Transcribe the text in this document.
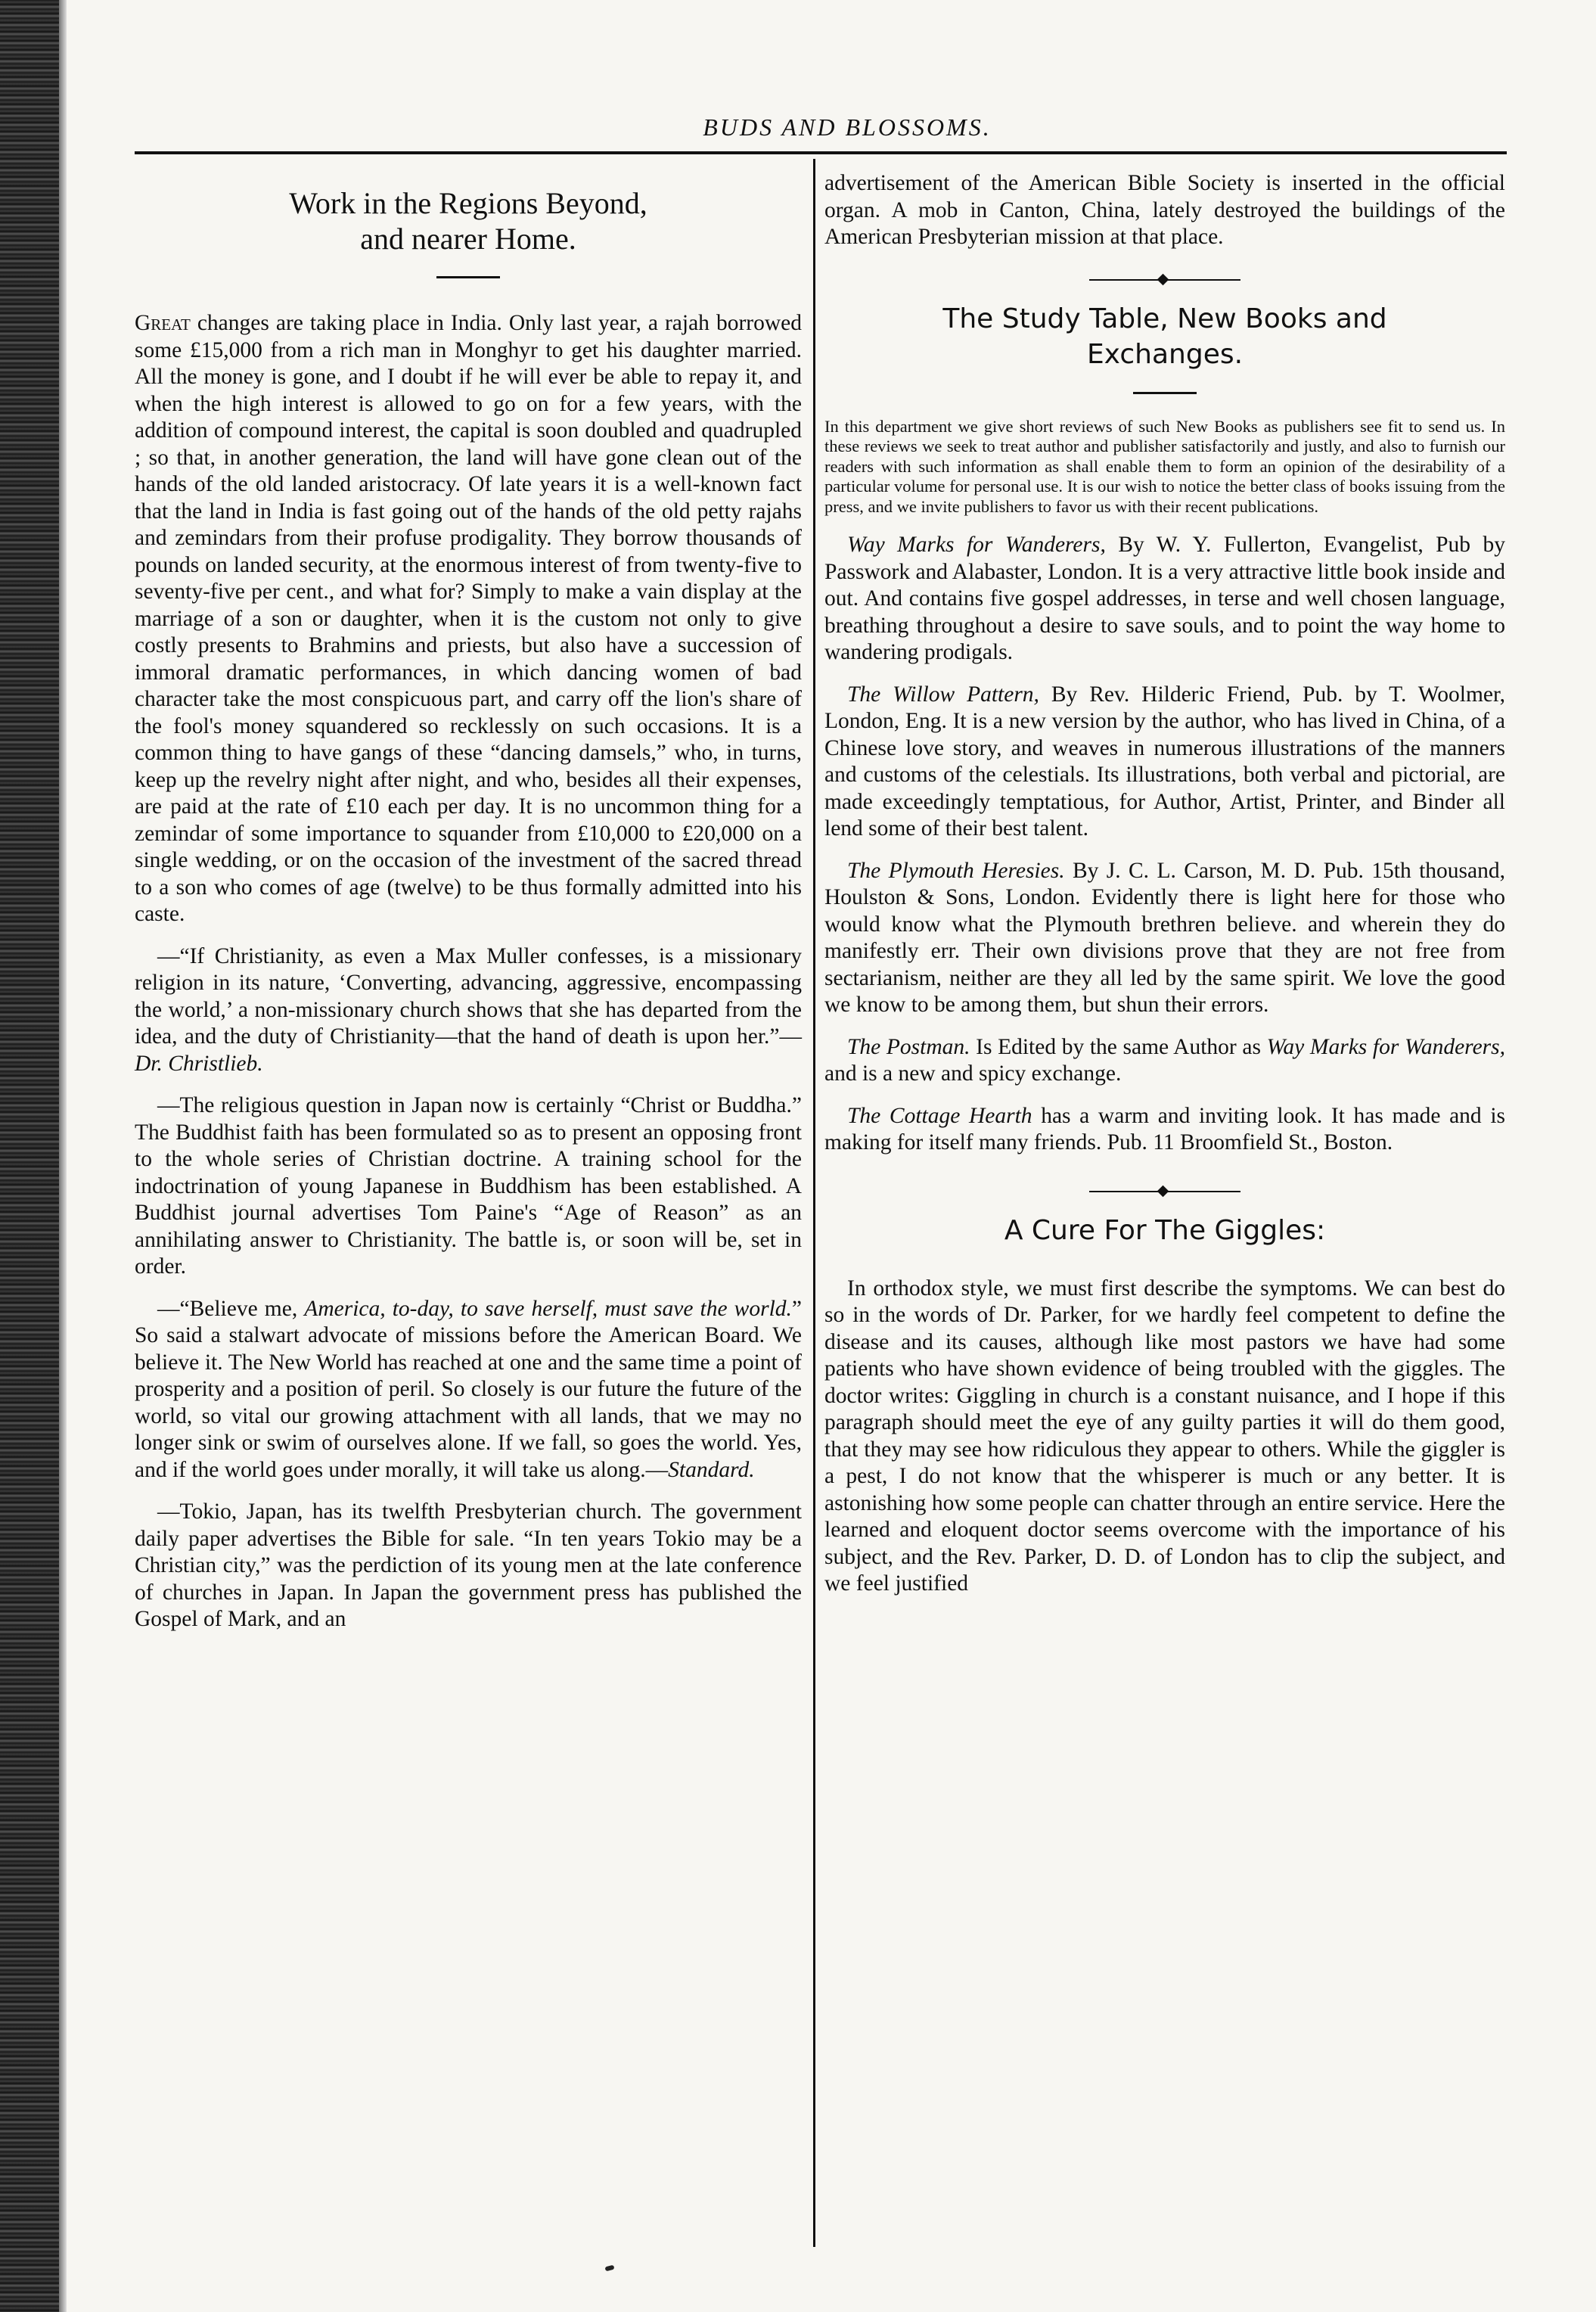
BUDS AND BLOSSOMS.
Work in the Regions Beyond,
and nearer Home.

Great changes are taking place in India. Only last year, a rajah borrowed some £15,000 from a rich man in Monghyr to get his daughter married. All the money is gone, and I doubt if he will ever be able to repay it, and when the high interest is allowed to go on for a few years, with the addition of compound interest, the capital is soon doubled and quadrupled ; so that, in another generation, the land will have gone clean out of the hands of the old landed aristocracy. Of late years it is a well-known fact that the land in India is fast going out of the hands of the old petty rajahs and zemindars from their profuse prodigality. They borrow thousands of pounds on landed security, at the enormous interest of from twenty-five to seventy-five per cent., and what for? Simply to make a vain display at the marriage of a son or daughter, when it is the custom not only to give costly presents to Brahmins and priests, but also have a succession of immoral dramatic performances, in which dancing women of bad character take the most conspicuous part, and carry off the lion's share of the fool's money squandered so recklessly on such occasions. It is a common thing to have gangs of these “dancing damsels,” who, in turns, keep up the revelry night after night, and who, besides all their expenses, are paid at the rate of £10 each per day. It is no uncommon thing for a zemindar of some importance to squander from £10,000 to £20,000 on a single wedding, or on the occasion of the investment of the sacred thread to a son who comes of age (twelve) to be thus formally admitted into his caste.

—“If Christianity, as even a Max Muller confesses, is a missionary religion in its nature, ‘Converting, advancing, aggressive, encompassing the world,’ a non-missionary church shows that she has departed from the idea, and the duty of Christianity—that the hand of death is upon her.”—Dr. Christlieb.

—The religious question in Japan now is certainly “Christ or Buddha.” The Buddhist faith has been formulated so as to present an opposing front to the whole series of Christian doctrine. A training school for the indoctrination of young Japanese in Buddhism has been established. A Buddhist journal advertises Tom Paine's “Age of Reason” as an annihilating answer to Christianity. The battle is, or soon will be, set in order.

—“Believe me, America, to-day, to save herself, must save the world.” So said a stalwart advocate of missions before the American Board. We believe it. The New World has reached at one and the same time a point of prosperity and a position of peril. So closely is our future the future of the world, so vital our growing attachment with all lands, that we may no longer sink or swim of ourselves alone. If we fall, so goes the world. Yes, and if the world goes under morally, it will take us along.—Standard.

—Tokio, Japan, has its twelfth Presbyterian church. The government daily paper advertises the Bible for sale. “In ten years Tokio may be a Christian city,” was the perdiction of its young men at the late conference of churches in Japan. In Japan the government press has published the Gospel of Mark, and an

advertisement of the American Bible Society is inserted in the official organ. A mob in Canton, China, lately destroyed the buildings of the American Presbyterian mission at that place.

The Study Table, New Books and
Exchanges.

In this department we give short reviews of such New Books as publishers see fit to send us. In these reviews we seek to treat author and publisher satisfactorily and justly, and also to furnish our readers with such information as shall enable them to form an opinion of the desirability of a particular volume for personal use. It is our wish to notice the better class of books issuing from the press, and we invite publishers to favor us with their recent publications.

Way Marks for Wanderers, By W. Y. Fullerton, Evangelist, Pub by Passwork and Alabaster, London. It is a very attractive little book inside and out. And contains five gospel addresses, in terse and well chosen language, breathing throughout a desire to save souls, and to point the way home to wandering prodigals.

The Willow Pattern, By Rev. Hilderic Friend, Pub. by T. Woolmer, London, Eng. It is a new version by the author, who has lived in China, of a Chinese love story, and weaves in numerous illustrations of the manners and customs of the celestials. Its illustrations, both verbal and pictorial, are made exceedingly temptatious, for Author, Artist, Printer, and Binder all lend some of their best talent.

The Plymouth Heresies. By J. C. L. Carson, M. D. Pub. 15th thousand, Houlston & Sons, London. Evidently there is light here for those who would know what the Plymouth brethren believe. and wherein they do manifestly err. Their own divisions prove that they are not free from sectarianism, neither are they all led by the same spirit. We love the good we know to be among them, but shun their errors.

The Postman. Is Edited by the same Author as Way Marks for Wanderers, and is a new and spicy exchange.

The Cottage Hearth has a warm and inviting look. It has made and is making for itself many friends. Pub. 11 Broomfield St., Boston.

A Cure For The Giggles:

In orthodox style, we must first describe the symptoms. We can best do so in the words of Dr. Parker, for we hardly feel competent to define the disease and its causes, although like most pastors we have had some patients who have shown evidence of being troubled with the giggles. The doctor writes: Giggling in church is a constant nuisance, and I hope if this paragraph should meet the eye of any guilty parties it will do them good, that they may see how ridiculous they appear to others. While the giggler is a pest, I do not know that the whisperer is much or any better. It is astonishing how some people can chatter through an entire service. Here the learned and eloquent doctor seems overcome with the importance of his subject, and the Rev. Parker, D. D. of London has to clip the subject, and we feel justified
